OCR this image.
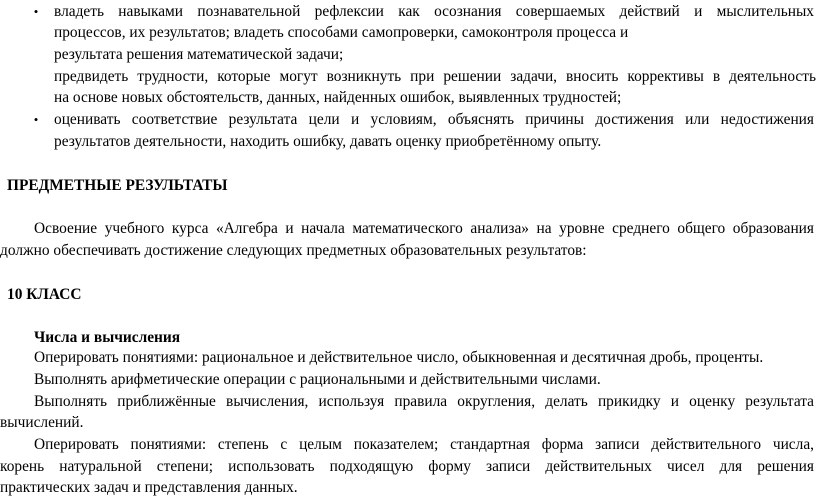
• владеть навыками познавательной рефлексии как осознания совершаемых действий и мыслительных
процессов, их результатов; владеть способами самопроверки, самоконтроля процесса и
результата решения математической задачи;
предвидеть трудности, которые могут возникнуть при решении задачи, вносить коррективы в деятельность
на основе новых обстоятельств, данных, найденных ошибок, выявленных трудностей;
• оценивать соответствие результата цели и условиям, объяснять причины достижения или недостижения
результатов деятельности, находить ошибку, давать оценку приобретённому опыту.
ПРЕДМЕТНЫЕ РЕЗУЛЬТАТЫ
Освоение учебного курса «Алгебра и начала математического анализа» на уровне среднего общего образования
должно обеспечивать достижение следующих предметных образовательных результатов:
10 КЛАСС
Числа и вычисления
Оперировать понятиями: рациональное и действительное число, обыкновенная и десятичная дробь, проценты.
Выполнять арифметические операции с рациональными и действительными числами.
Выполнять приближённые вычисления, используя правила округления, делать прикидку и оценку результата
вычислений.
Оперировать понятиями: степень с целым показателем; стандартная форма записи действительного числа,
корень натуральной степени; использовать подходящую форму записи действительных чисел для решения
практических задач и представления данных.
